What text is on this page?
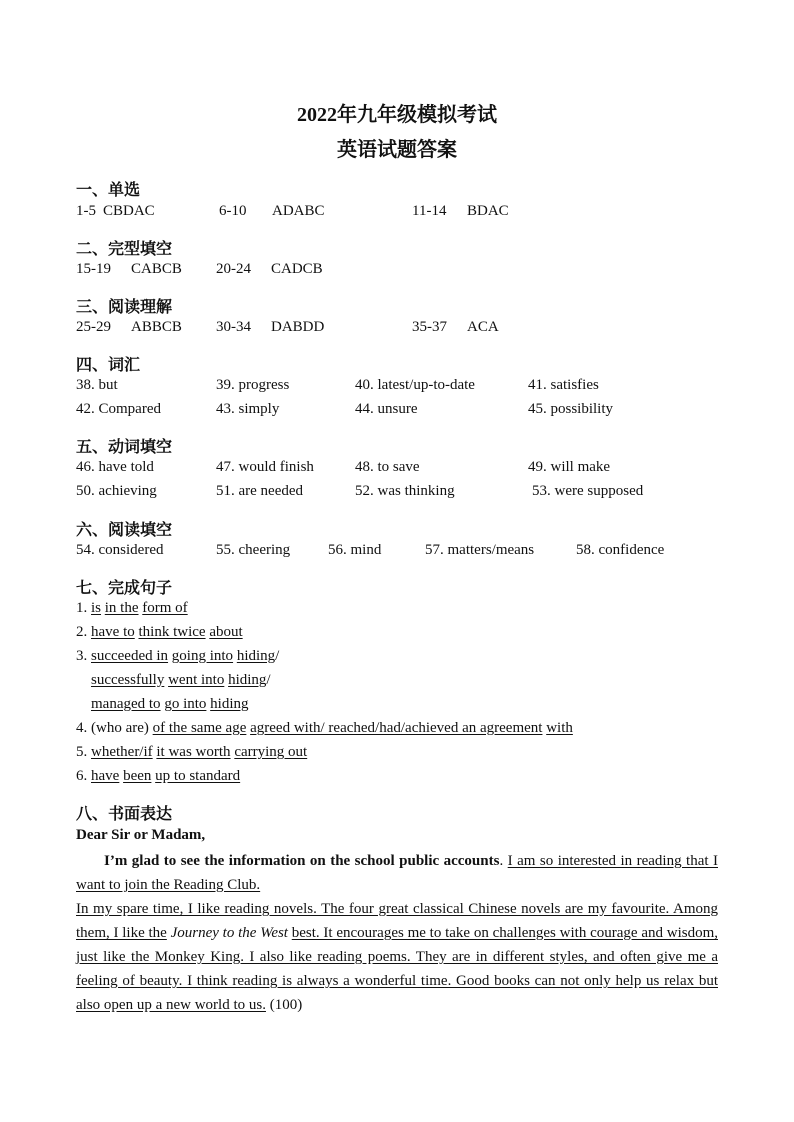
2022年九年级模拟考试
英语试题答案
一、单选
1-5 CBDAC	6-10 ADABC	11-14 BDAC
二、完型填空
15-19 CABCB 20-24 CADCB
三、阅读理解
25-29 ABBCB 30-34 DABDD	35-37 ACA
四、词汇
38. but	39. progress	40. latest/up-to-date	41. satisfies
42. Compared	43. simply	44. unsure	45. possibility
五、动词填空
46. have told	47. would finish	48. to save	49. will make
50. achieving	51. are needed	52. was thinking	53. were supposed
六、阅读填空
54. considered	55. cheering	56. mind	57. matters/means	58. confidence
七、完成句子
1. is in the form of
2. have to think twice about
3. succeeded in going into hiding/
successfully went into hiding/
managed to go into hiding
4. (who are) of the same age agreed with/ reached/had/achieved an agreement with
5. whether/if it was worth carrying out
6. have been up to standard
八、书面表达
Dear Sir or Madam,

I’m glad to see the information on the school public accounts. I am so interested in reading that I want to join the Reading Club.

In my spare time, I like reading novels. The four great classical Chinese novels are my favourite. Among them, I like the Journey to the West best. It encourages me to take on challenges with courage and wisdom, just like the Monkey King. I also like reading poems. They are in different styles, and often give me a feeling of beauty. I think reading is always a wonderful time. Good books can not only help us relax but also open up a new world to us. (100)
